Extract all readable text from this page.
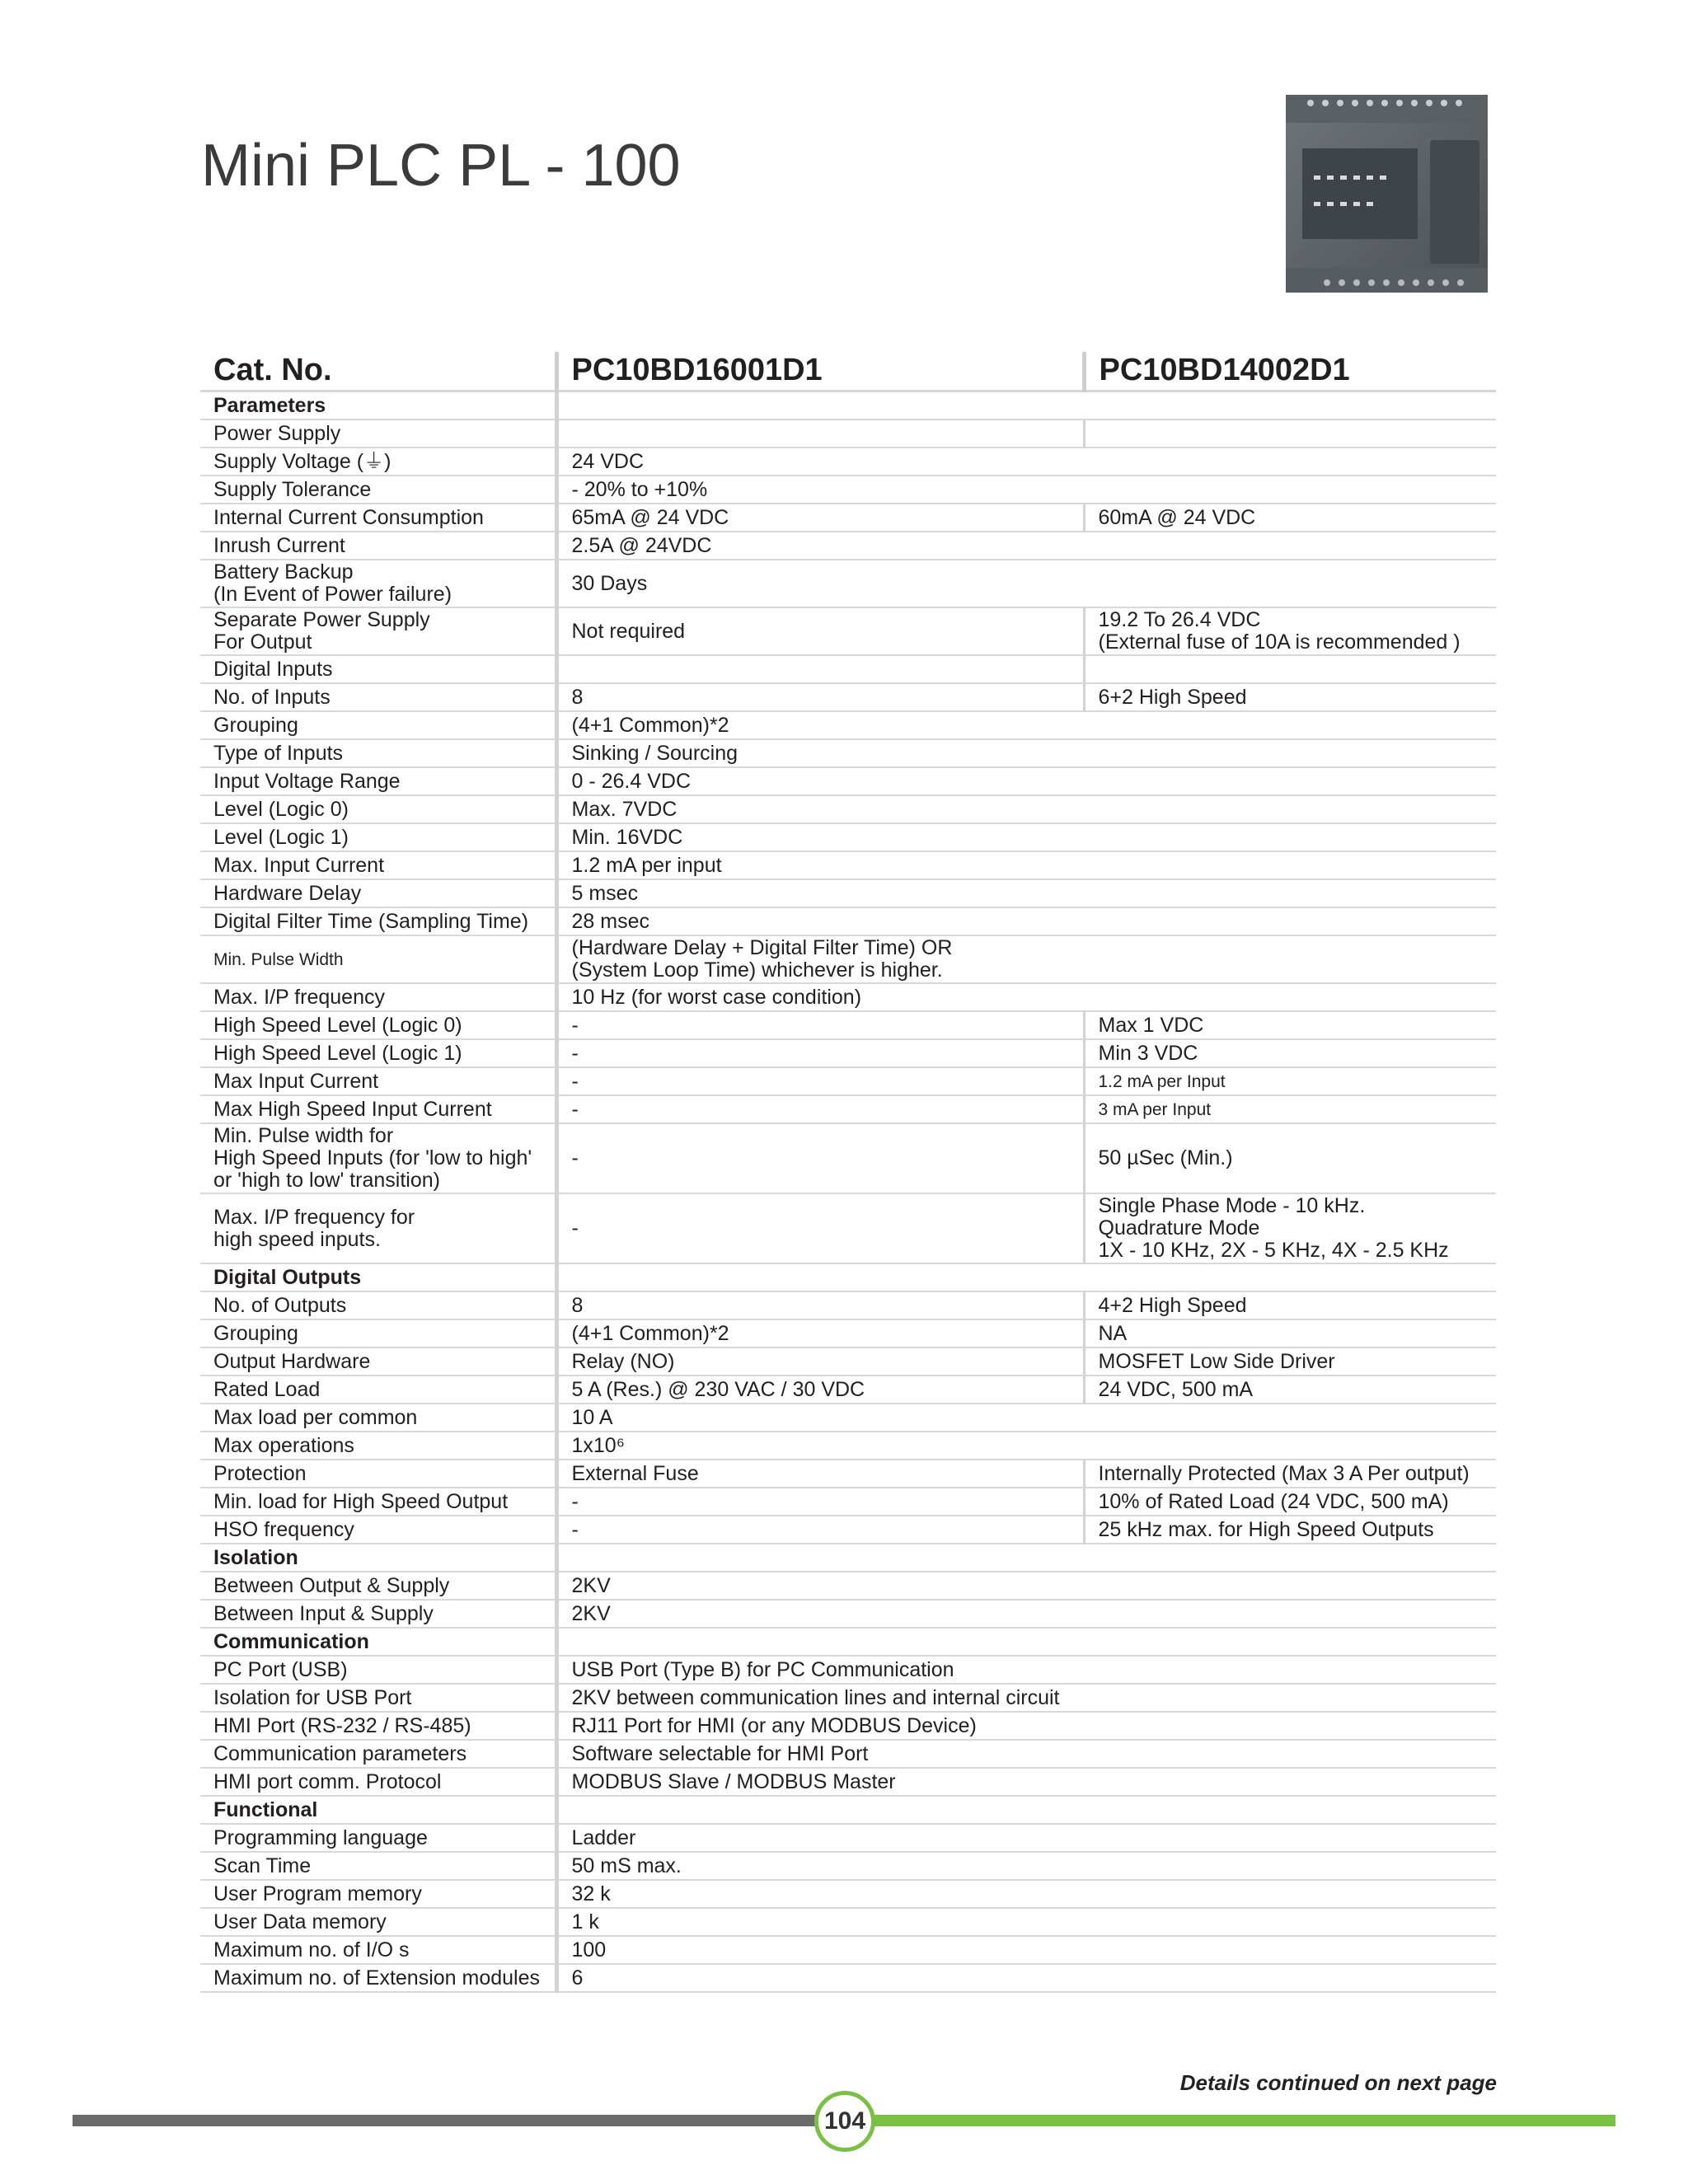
Mini PLC PL - 100
Cat. No.	PC10BD16001D1	PC10BD14002D1
Parameters		
Power Supply		
Supply Voltage (⏚)	24 VDC	
Supply Tolerance	- 20% to +10%	
Internal Current Consumption	65mA @ 24 VDC	60mA @ 24 VDC
Inrush Current	2.5A @ 24VDC	
Battery Backup
(In Event of Power failure)	30 Days	
Separate Power Supply
For Output	Not required	19.2 To 26.4 VDC
(External fuse of 10A is recommended )
Digital Inputs		
No. of Inputs	8	6+2 High Speed
Grouping	(4+1 Common)*2	
Type of Inputs	Sinking / Sourcing	
Input Voltage Range	0 - 26.4 VDC	
Level (Logic 0)	Max. 7VDC	
Level (Logic 1)	Min. 16VDC	
Max. Input Current	1.2 mA per input	
Hardware Delay	5 msec	
Digital Filter Time (Sampling Time)	28 msec	
Min. Pulse Width	(Hardware Delay + Digital Filter Time) OR
(System Loop Time) whichever is higher.	
Max. I/P frequency	10 Hz (for worst case condition)	
High Speed Level (Logic 0)	-	Max 1 VDC
High Speed Level (Logic 1)	-	Min 3 VDC
Max Input Current	-	1.2 mA per Input
Max High Speed Input Current	-	3 mA per Input
Min. Pulse width for
High Speed Inputs (for 'low to high'
or 'high to low' transition)	-	50 µSec (Min.)
Max. I/P frequency for
high speed inputs.	-	Single Phase Mode - 10 kHz.
Quadrature Mode
1X - 10 KHz, 2X - 5 KHz, 4X - 2.5 KHz
Digital Outputs		
No. of Outputs	8	4+2 High Speed
Grouping	(4+1 Common)*2	NA
Output Hardware	Relay (NO)	MOSFET Low Side Driver
Rated Load	5 A (Res.) @ 230 VAC / 30 VDC	24 VDC, 500 mA
Max load per common	10 A	
Max operations	1x10⁶	
Protection	External Fuse	Internally Protected (Max 3 A Per output)
Min. load for High Speed Output	-	10% of Rated Load (24 VDC, 500 mA)
HSO frequency	-	25 kHz max. for High Speed Outputs
Isolation		
Between Output & Supply	2KV	
Between Input & Supply	2KV	
Communication		
PC Port (USB)	USB Port (Type B) for PC Communication	
Isolation for USB Port	2KV between communication lines and internal circuit	
HMI Port (RS-232 / RS-485)	RJ11 Port for HMI (or any MODBUS Device)	
Communication parameters	Software selectable for HMI Port	
HMI port comm. Protocol	MODBUS Slave / MODBUS Master	
Functional		
Programming language	Ladder	
Scan Time	50 mS max.	
User Program memory	32 k	
User Data memory	1 k	
Maximum no. of I/O s	100	
Maximum no. of Extension modules	6	
Details continued on next page
104
